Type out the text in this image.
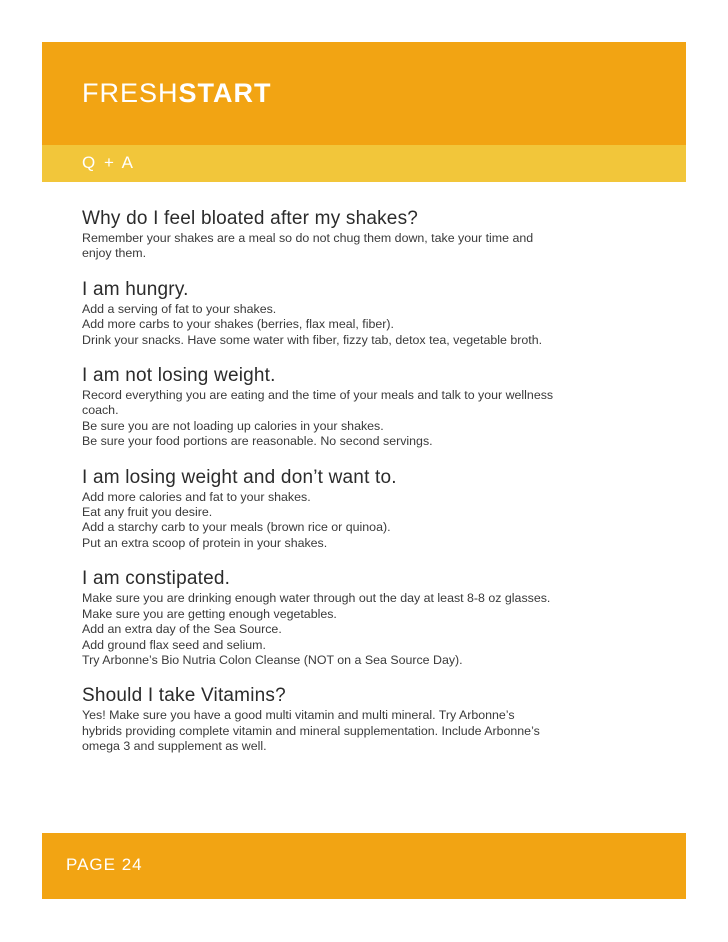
FRESHSTART
Q + A
Why do I feel bloated after my shakes?
Remember your shakes are a meal so do not chug them down, take your time and
enjoy them.
I am hungry.
Add a serving of fat to your shakes.
Add more carbs to your shakes (berries, flax meal, fiber).
Drink your snacks. Have some water with fiber, fizzy tab, detox tea, vegetable broth.
I am not losing weight.
Record everything you are eating and the time of your meals and talk to your wellness
coach.
Be sure you are not loading up calories in your shakes.
Be sure your food portions are reasonable. No second servings.
I am losing weight and don’t want to.
Add more calories and fat to your shakes.
Eat any fruit you desire.
Add a starchy carb to your meals (brown rice or quinoa).
Put an extra scoop of protein in your shakes.
I am constipated.
Make sure you are drinking enough water through out the day at least 8-8 oz glasses.
Make sure you are getting enough vegetables.
Add an extra day of the Sea Source.
Add ground flax seed and selium.
Try Arbonne’s Bio Nutria Colon Cleanse (NOT on a Sea Source Day).
Should I take Vitamins?
Yes! Make sure you have a good multi vitamin and multi mineral. Try Arbonne’s
hybrids providing complete vitamin and mineral supplementation. Include Arbonne’s
omega 3 and supplement as well.
PAGE 24
